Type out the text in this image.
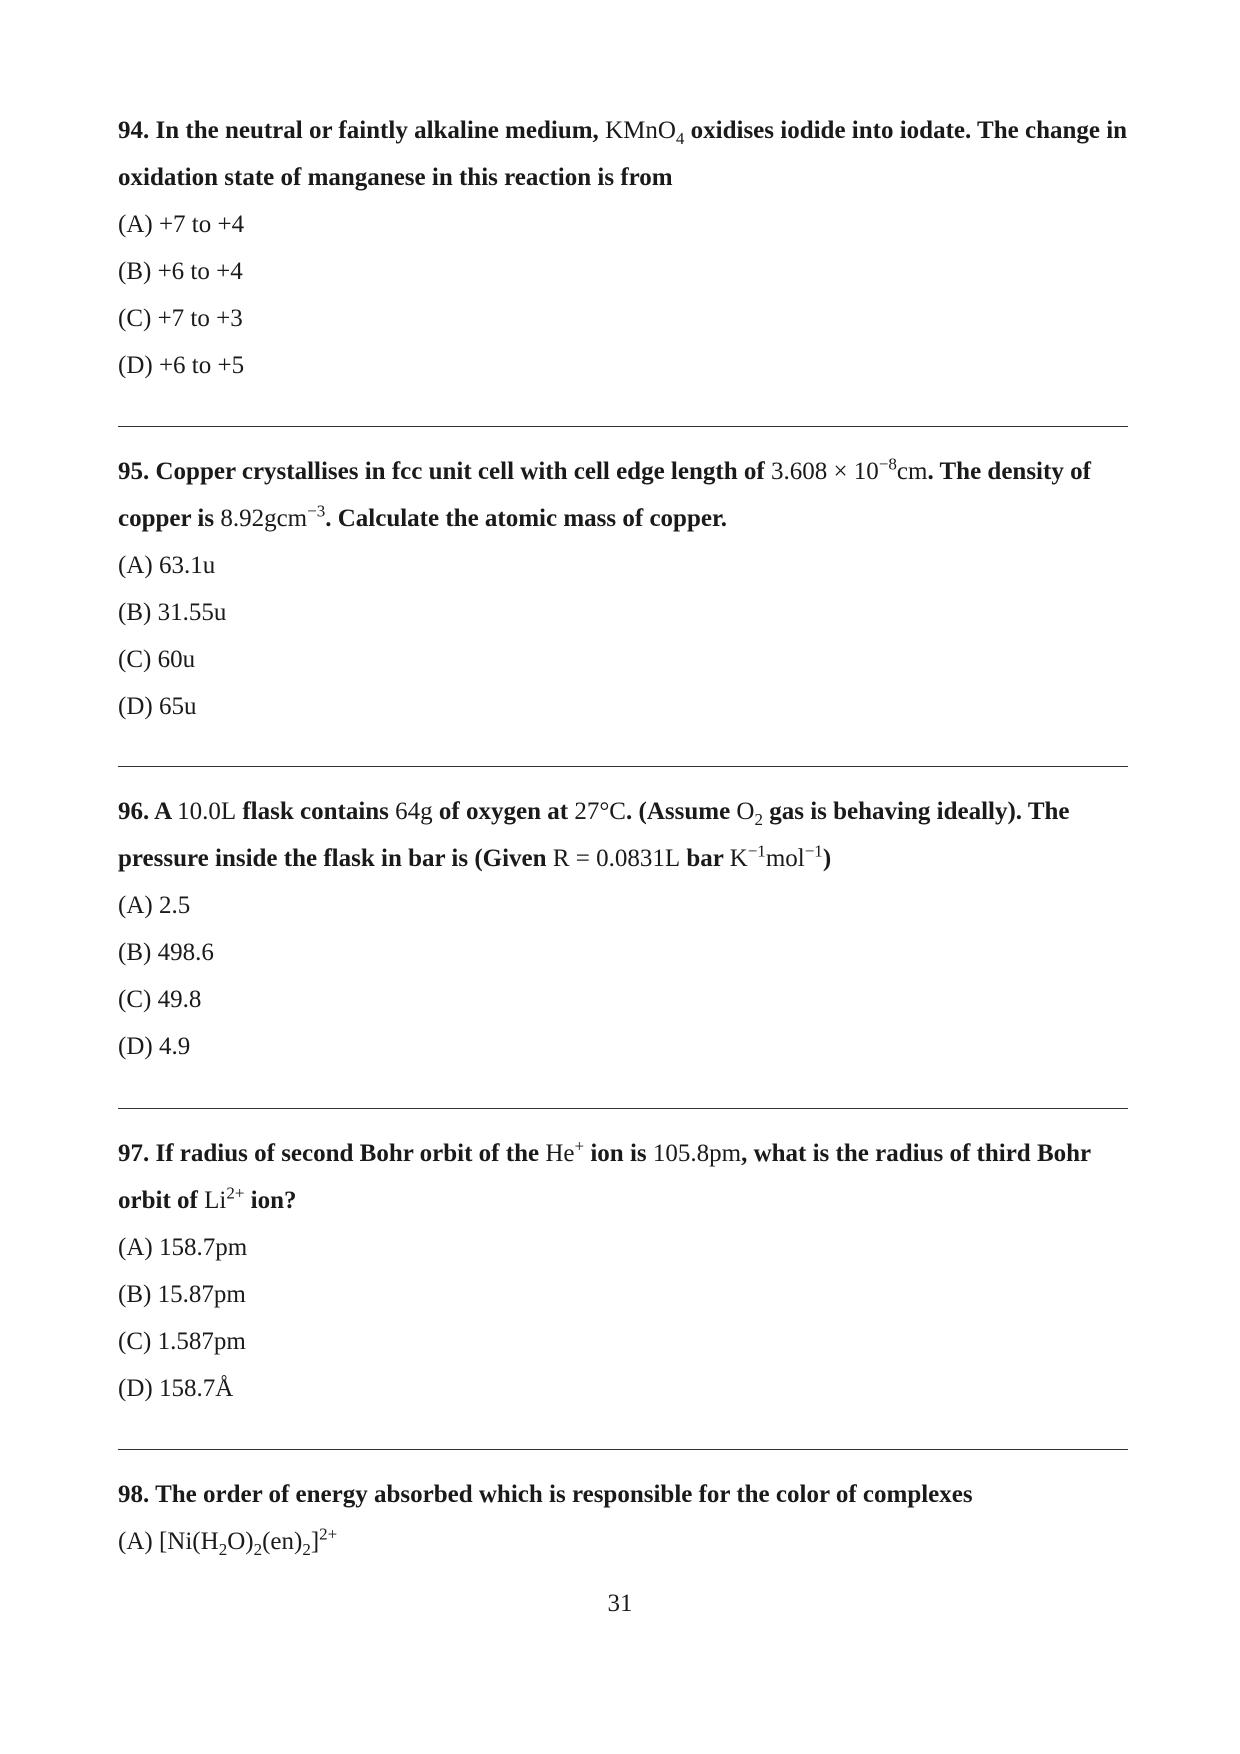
94. In the neutral or faintly alkaline medium, KMnO$_4$ oxidises iodide into iodate. The change in oxidation state of manganese in this reaction is from

(A) +7 to +4
(B) +6 to +4
(C) +7 to +3
(D) +6 to +5

95. Copper crystallises in fcc unit cell with cell edge length of $3.608 \times 10^{-8}cm$. The density of copper is 8.92gcm$^{-3}$. Calculate the atomic mass of copper.

(A) 63.1u
(B) 31.55u
(C) 60u
(D) 65u

96. A 10.0L flask contains 64g of oxygen at 27°C. (Assume $O_2$ gas is behaving ideally). The pressure inside the flask in bar is (Given R = 0.0831L bar $K^{-1}mol^{-1}$)

(A) 2.5
(B) 498.6
(C) 49.8
(D) 4.9

97. If radius of second Bohr orbit of the He+ ion is 105.8pm, what is the radius of third Bohr orbit of $Li^{2+}$ ion?

(A) 158.7pm
(B) 15.87pm
(C) 1.587pm
(D) 158.7Å

98. The order of energy absorbed which is responsible for the color of complexes

(A) $[Ni(H_2O)_2(en)_2]^{2+}$
31
